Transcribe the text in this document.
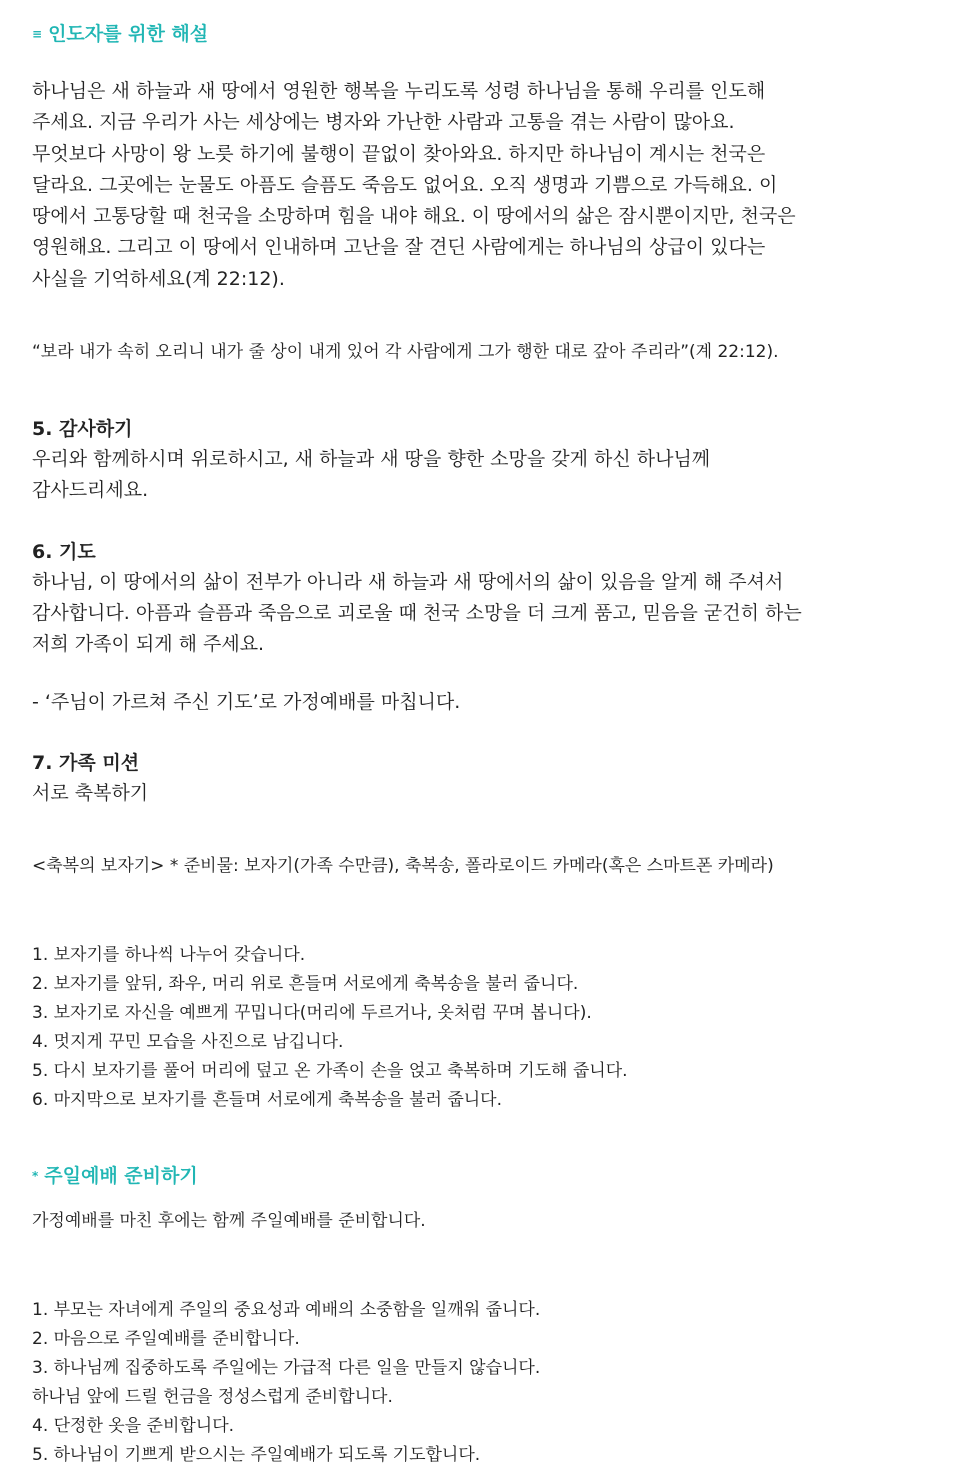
≡ 인도자를 위한 해설

하나님은 새 하늘과 새 땅에서 영원한 행복을 누리도록 성령 하나님을 통해 우리를 인도해
주세요. 지금 우리가 사는 세상에는 병자와 가난한 사람과 고통을 겪는 사람이 많아요.
무엇보다 사망이 왕 노릇 하기에 불행이 끝없이 찾아와요. 하지만 하나님이 계시는 천국은
달라요. 그곳에는 눈물도 아픔도 슬픔도 죽음도 없어요. 오직 생명과 기쁨으로 가득해요. 이
땅에서 고통당할 때 천국을 소망하며 힘을 내야 해요. 이 땅에서의 삶은 잠시뿐이지만, 천국은
영원해요. 그리고 이 땅에서 인내하며 고난을 잘 견딘 사람에게는 하나님의 상급이 있다는
사실을 기억하세요(계 22:12).

“보라 내가 속히 오리니 내가 줄 상이 내게 있어 각 사람에게 그가 행한 대로 갚아 주리라”(계 22:12).

5. 감사하기

우리와 함께하시며 위로하시고, 새 하늘과 새 땅을 향한 소망을 갖게 하신 하나님께
감사드리세요.

6. 기도

하나님, 이 땅에서의 삶이 전부가 아니라 새 하늘과 새 땅에서의 삶이 있음을 알게 해 주셔서
감사합니다. 아픔과 슬픔과 죽음으로 괴로울 때 천국 소망을 더 크게 품고, 믿음을 굳건히 하는
저희 가족이 되게 해 주세요.

- ‘주님이 가르쳐 주신 기도’로 가정예배를 마칩니다.

7. 가족 미션

서로 축복하기

<축복의 보자기> * 준비물: 보자기(가족 수만큼), 축복송, 폴라로이드 카메라(혹은 스마트폰 카메라)

1. 보자기를 하나씩 나누어 갖습니다.
2. 보자기를 앞뒤, 좌우, 머리 위로 흔들며 서로에게 축복송을 불러 줍니다.
3. 보자기로 자신을 예쁘게 꾸밉니다(머리에 두르거나, 옷처럼 꾸며 봅니다).
4. 멋지게 꾸민 모습을 사진으로 남깁니다.
5. 다시 보자기를 풀어 머리에 덮고 온 가족이 손을 얹고 축복하며 기도해 줍니다.
6. 마지막으로 보자기를 흔들며 서로에게 축복송을 불러 줍니다.

* 주일예배 준비하기

가정예배를 마친 후에는 함께 주일예배를 준비합니다.

1. 부모는 자녀에게 주일의 중요성과 예배의 소중함을 일깨워 줍니다.
2. 마음으로 주일예배를 준비합니다.
3. 하나님께 집중하도록 주일에는 가급적 다른 일을 만들지 않습니다.
하나님 앞에 드릴 헌금을 정성스럽게 준비합니다.
4. 단정한 옷을 준비합니다.
5. 하나님이 기쁘게 받으시는 주일예배가 되도록 기도합니다.
